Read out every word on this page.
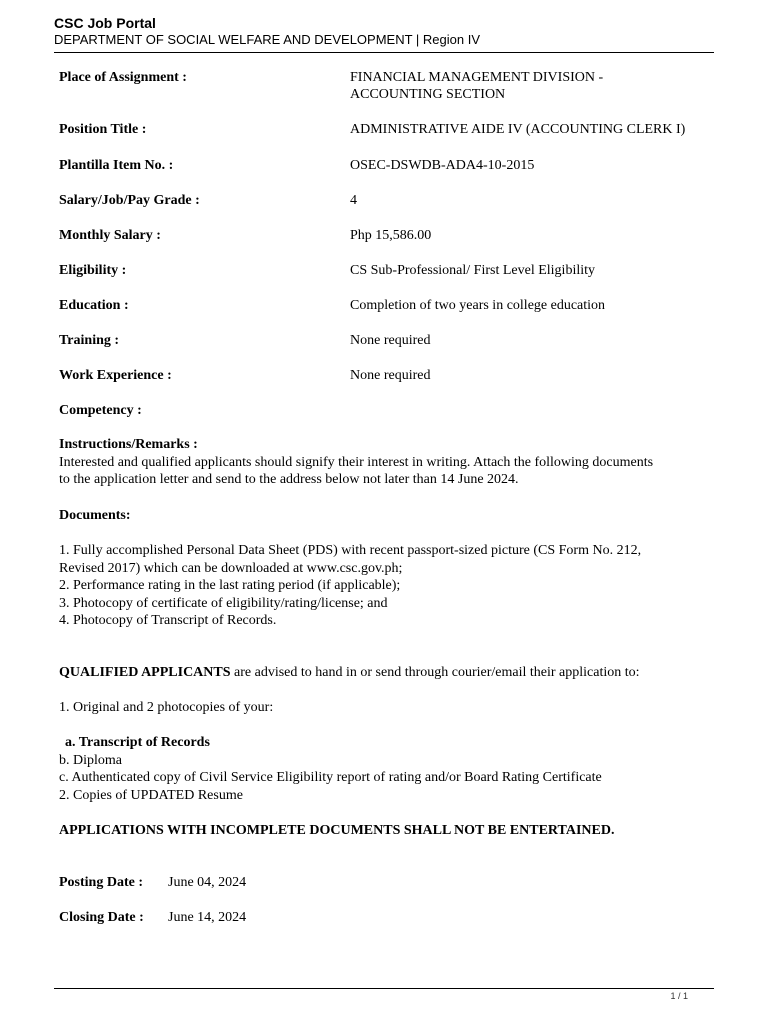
CSC Job Portal
DEPARTMENT OF SOCIAL WELFARE AND DEVELOPMENT | Region IV
Place of Assignment :	FINANCIAL MANAGEMENT DIVISION -
ACCOUNTING SECTION
Position Title :	ADMINISTRATIVE AIDE IV (ACCOUNTING CLERK I)
Plantilla Item No. :	OSEC-DSWDB-ADA4-10-2015
Salary/Job/Pay Grade :	4
Monthly Salary :	Php 15,586.00
Eligibility :	CS Sub-Professional/ First Level Eligibility
Education :	Completion of two years in college education
Training :	None required
Work Experience :	None required
Competency :
Instructions/Remarks :
Interested and qualified applicants should signify their interest in writing. Attach the following documents
to the application letter and send to the address below not later than 14 June 2024.
Documents:
1. Fully accomplished Personal Data Sheet (PDS) with recent passport-sized picture (CS Form No. 212,
Revised 2017) which can be downloaded at www.csc.gov.ph;
2. Performance rating in the last rating period (if applicable);
3. Photocopy of certificate of eligibility/rating/license; and
4. Photocopy of Transcript of Records.
QUALIFIED APPLICANTS are advised to hand in or send through courier/email their application to:
1. Original and 2 photocopies of your:
a. Transcript of Records
b. Diploma
c. Authenticated copy of Civil Service Eligibility report of rating and/or Board Rating Certificate
2. Copies of UPDATED Resume
APPLICATIONS WITH INCOMPLETE DOCUMENTS SHALL NOT BE ENTERTAINED.
Posting Date : June 04, 2024
Closing Date : June 14, 2024
1 / 1
